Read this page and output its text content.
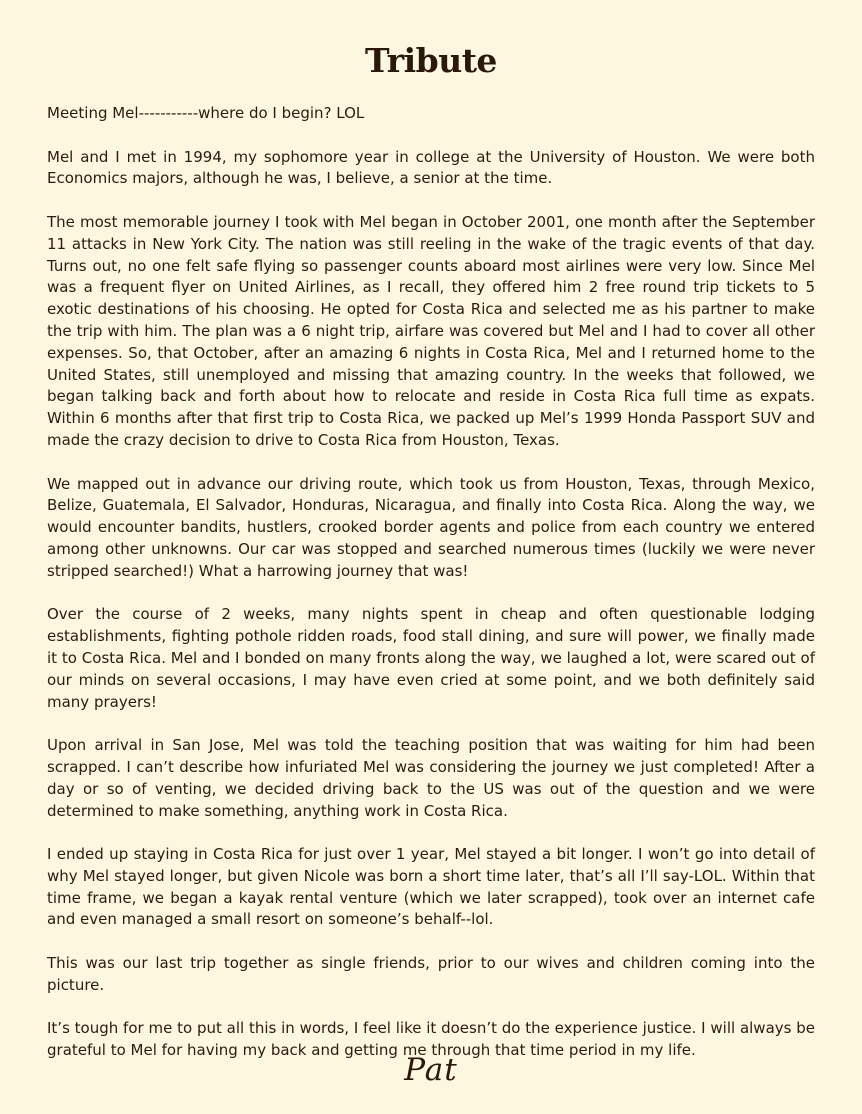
Tribute

Meeting Mel-----------where do I begin? LOL

Mel and I met in 1994, my sophomore year in college at the University of Houston. We were both Economics majors, although he was, I believe, a senior at the time.

The most memorable journey I took with Mel began in October 2001, one month after the September 11 attacks in New York City. The nation was still reeling in the wake of the tragic events of that day. Turns out, no one felt safe flying so passenger counts aboard most airlines were very low. Since Mel was a frequent flyer on United Airlines, as I recall, they offered him 2 free round trip tickets to 5 exotic destinations of his choosing. He opted for Costa Rica and selected me as his partner to make the trip with him. The plan was a 6 night trip, airfare was covered but Mel and I had to cover all other expenses. So, that October, after an amazing 6 nights in Costa Rica, Mel and I returned home to the United States, still unemployed and missing that amazing country. In the weeks that followed, we began talking back and forth about how to relocate and reside in Costa Rica full time as expats. Within 6 months after that first trip to Costa Rica, we packed up Mel’s 1999 Honda Passport SUV and made the crazy decision to drive to Costa Rica from Houston, Texas.

We mapped out in advance our driving route, which took us from Houston, Texas, through Mexico, Belize, Guatemala, El Salvador, Honduras, Nicaragua, and finally into Costa Rica. Along the way, we would encounter bandits, hustlers, crooked border agents and police from each country we entered among other unknowns. Our car was stopped and searched numerous times (luckily we were never stripped searched!) What a harrowing journey that was!

Over the course of 2 weeks, many nights spent in cheap and often questionable lodging establishments, fighting pothole ridden roads, food stall dining, and sure will power, we finally made it to Costa Rica. Mel and I bonded on many fronts along the way, we laughed a lot, were scared out of our minds on several occasions, I may have even cried at some point, and we both definitely said many prayers!

Upon arrival in San Jose, Mel was told the teaching position that was waiting for him had been scrapped. I can’t describe how infuriated Mel was considering the journey we just completed! After a day or so of venting, we decided driving back to the US was out of the question and we were determined to make something, anything work in Costa Rica.

I ended up staying in Costa Rica for just over 1 year, Mel stayed a bit longer. I won’t go into detail of why Mel stayed longer, but given Nicole was born a short time later, that’s all I’ll say-LOL. Within that time frame, we began a kayak rental venture (which we later scrapped), took over an internet cafe and even managed a small resort on someone’s behalf--lol.

This was our last trip together as single friends, prior to our wives and children coming into the picture.

It’s tough for me to put all this in words, I feel like it doesn’t do the experience justice. I will always be grateful to Mel for having my back and getting me through that time period in my life.

Pat
